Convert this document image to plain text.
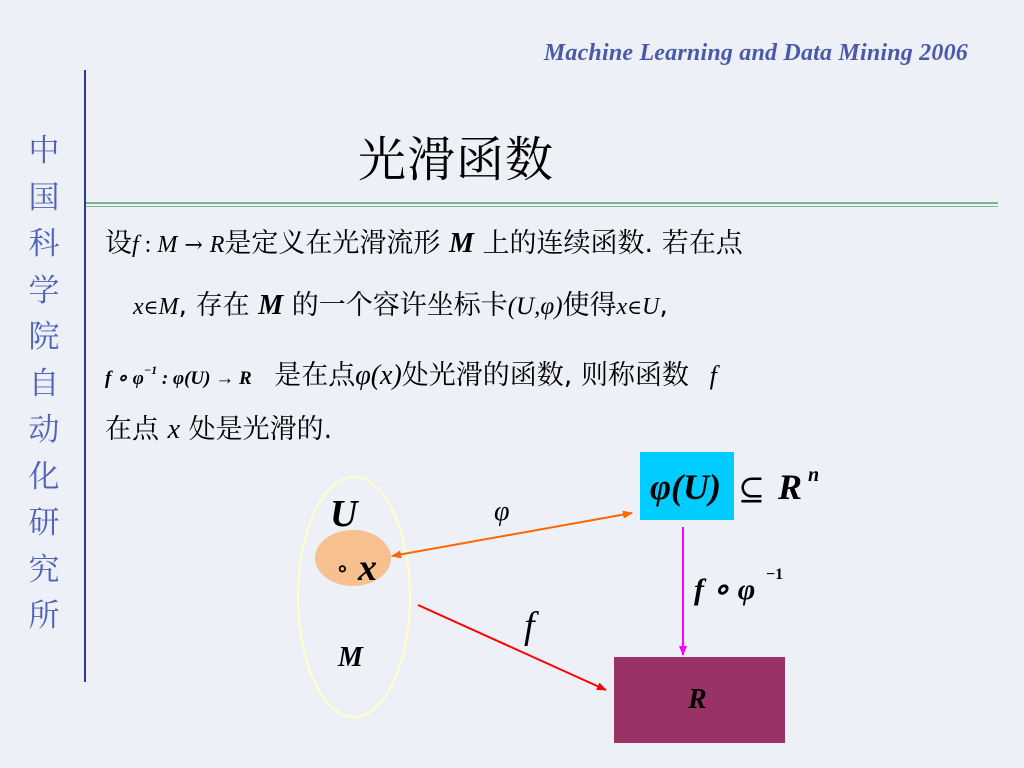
Machine Learning and Data Mining 2006
中国科学院自动化研究所
光滑函数
设f : M → R是定义在光滑流形 M 上的连续函数. 若在点
x∈M, 存在 M 的一个容许坐标卡(U,φ)使得x∈U,
f ∘ $\varphi^{-1}$ : φ(U) → R 是在点φ(x)处光滑的函数, 则称函数 f
在点 x 处是光滑的.
U
∘ x
M
φ
f
φ(U) ⊆ R n
f ∘ φ −1
R
